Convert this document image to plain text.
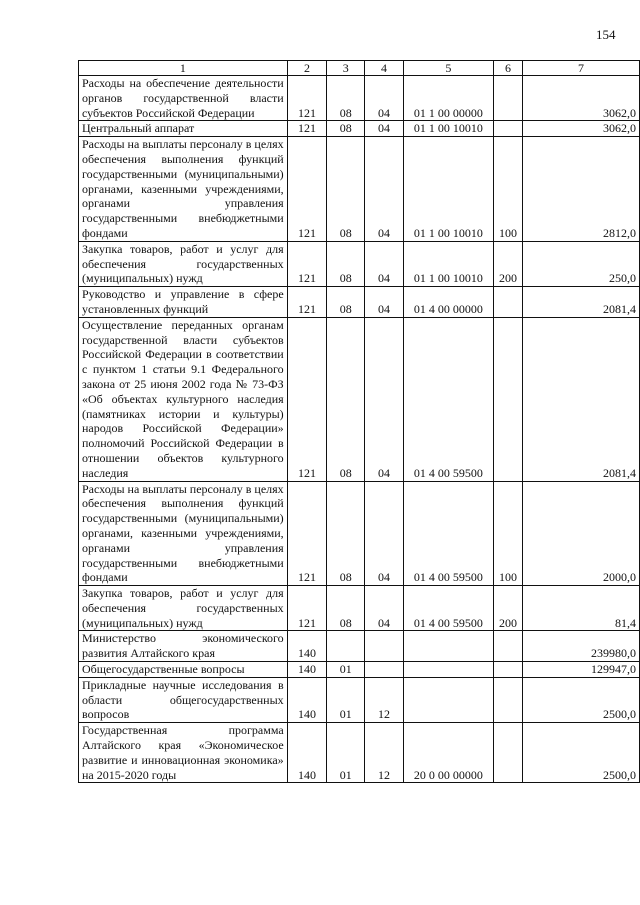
154
1	2	3	4	5	6	7
Расходы на обеспечение деятельности органов государственной власти субъектов Российской Федерации	121	08	04	01 1 00 00000		3062,0
Центральный аппарат	121	08	04	01 1 00 10010		3062,0
Расходы на выплаты персоналу в целях обеспечения выполнения функций государственными (муниципальными) органами, казенными учреждениями, органами управления государственными внебюджетными фондами	121	08	04	01 1 00 10010	100	2812,0
Закупка товаров, работ и услуг для обеспечения государственных (муниципальных) нужд	121	08	04	01 1 00 10010	200	250,0
Руководство и управление в сфере установленных функций	121	08	04	01 4 00 00000		2081,4
Осуществление переданных органам государственной власти субъектов Российской Федерации в соответствии с пунктом 1 статьи 9.1 Федерального закона от 25 июня 2002 года № 73-ФЗ «Об объектах культурного наследия (памятниках истории и культуры) народов Российской Федерации» полномочий Российской Федерации в отношении объектов культурного наследия	121	08	04	01 4 00 59500		2081,4
Расходы на выплаты персоналу в целях обеспечения выполнения функций государственными (муниципальными) органами, казенными учреждениями, органами управления государственными внебюджетными фондами	121	08	04	01 4 00 59500	100	2000,0
Закупка товаров, работ и услуг для обеспечения государственных (муниципальных) нужд	121	08	04	01 4 00 59500	200	81,4
Министерство экономического развития Алтайского края	140					239980,0
Общегосударственные вопросы	140	01				129947,0
Прикладные научные исследования в области общегосударственных вопросов	140	01	12			2500,0
Государственная программа Алтайского края «Экономическое развитие и инновационная экономика» на 2015-2020 годы	140	01	12	20 0 00 00000		2500,0
